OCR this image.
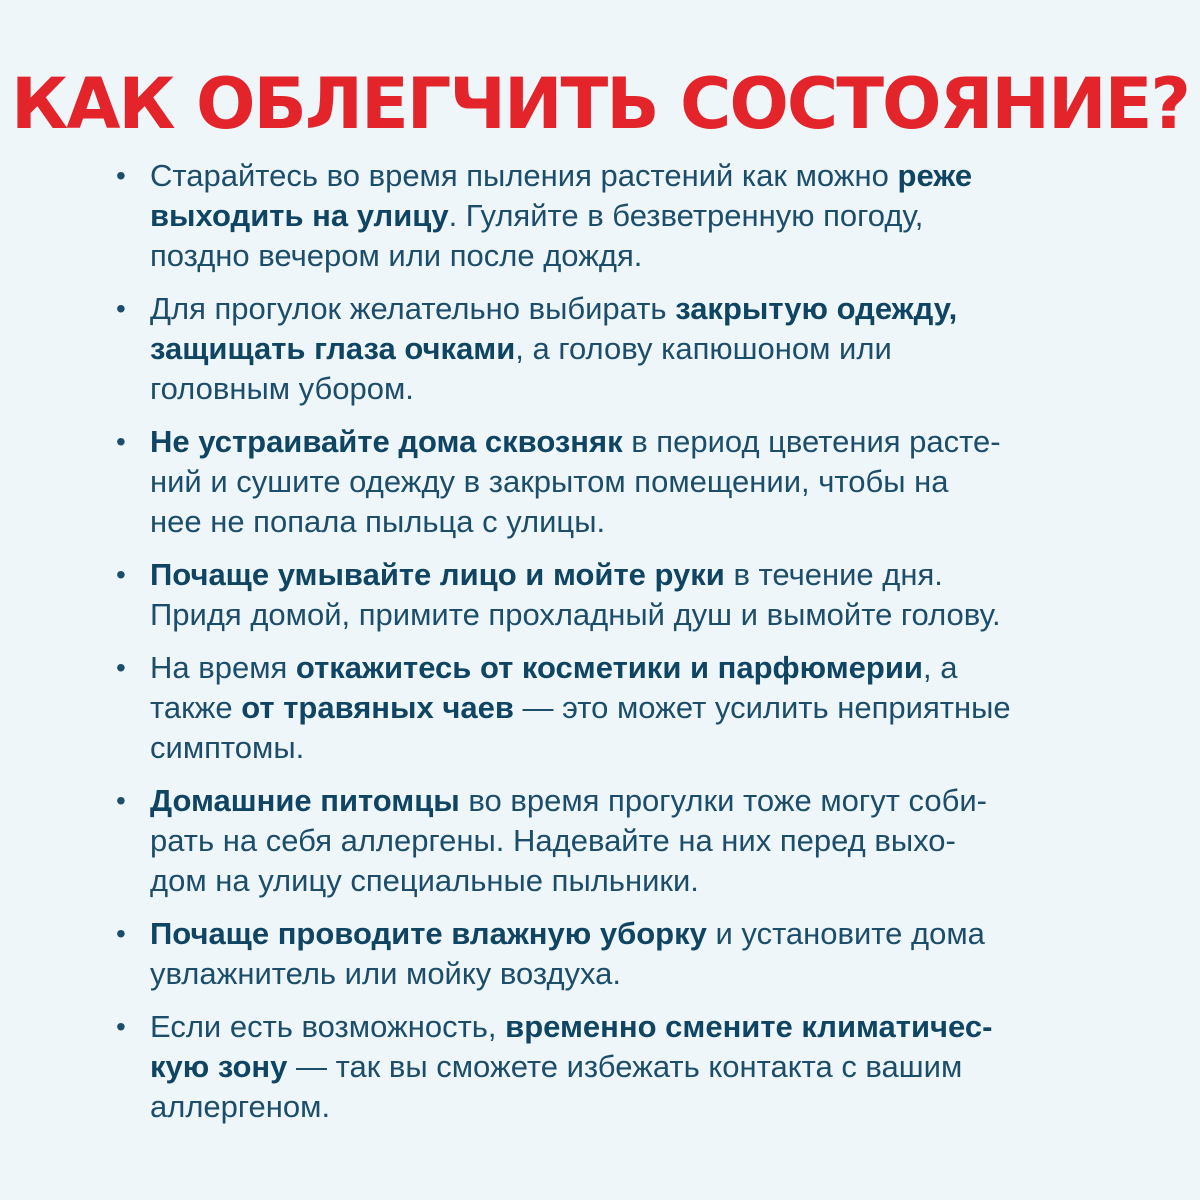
КАК ОБЛЕГЧИТЬ СОСТОЯНИЕ?
• Старайтесь во время пыления растений как можно реже
выходить на улицу. Гуляйте в безветренную погоду,
поздно вечером или после дождя.
• Для прогулок желательно выбирать закрытую одежду,
защищать глаза очками, а голову капюшоном или
головным убором.
• Не устраивайте дома сквозняк в период цветения расте-
ний и сушите одежду в закрытом помещении, чтобы на
нее не попала пыльца с улицы.
• Почаще умывайте лицо и мойте руки в течение дня.
Придя домой, примите прохладный душ и вымойте голову.
• На время откажитесь от косметики и парфюмерии, а
также от травяных чаев — это может усилить неприятные
симптомы.
• Домашние питомцы во время прогулки тоже могут соби-
рать на себя аллергены. Надевайте на них перед выхо-
дом на улицу специальные пыльники.
• Почаще проводите влажную уборку и установите дома
увлажнитель или мойку воздуха.
• Если есть возможность, временно смените климатичес-
кую зону — так вы сможете избежать контакта с вашим
аллергеном.
